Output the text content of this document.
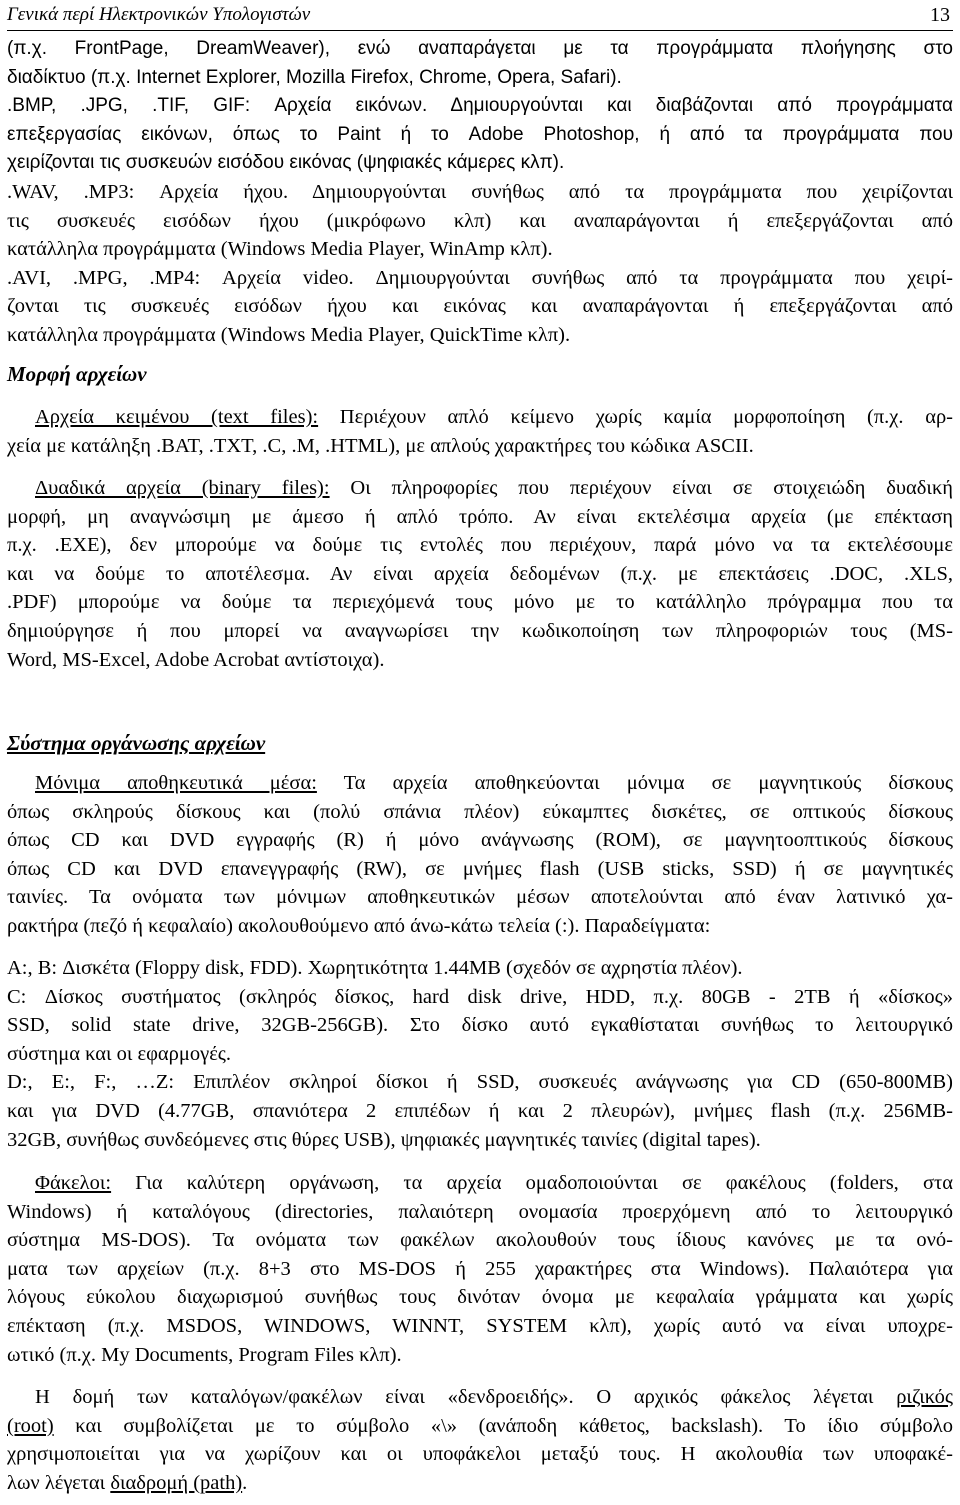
Γενικά περί Ηλεκτρονικών Υπολογιστών	13
(π.χ. FrontPage, DreamWeaver), ενώ αναπαράγεται με τα προγράμματα πλοήγησης στο
διαδίκτυο (π.χ. Internet Explorer, Mozilla Firefox, Chrome, Opera, Safari).
.BMP, .JPG, .TIF, GIF: Αρχεία εικόνων. Δημιουργούνται και διαβάζονται από προγράμματα
επεξεργασίας εικόνων, όπως το Paint ή το Adobe Photoshop, ή από τα προγράμματα που
χειρίζονται τις συσκευών εισόδου εικόνας (ψηφιακές κάμερες κλπ).
.WAV, .MP3: Αρχεία ήχου. Δημιουργούνται συνήθως από τα προγράμματα που χειρίζονται
τις συσκευές εισόδων ήχου (μικρόφωνο κλπ) και αναπαράγονται ή επεξεργάζονται από
κατάλληλα προγράμματα (Windows Media Player, WinAmp κλπ).
.AVI, .MPG, .MP4: Αρχεία video. Δημιουργούνται συνήθως από τα προγράμματα που χειρί-
ζονται τις συσκευές εισόδων ήχου και εικόνας και αναπαράγονται ή επεξεργάζονται από
κατάλληλα προγράμματα (Windows Media Player, QuickTime κλπ).
Μορφή αρχείων
Αρχεία κειμένου (text files): Περιέχουν απλό κείμενο χωρίς καμία μορφοποίηση (π.χ. αρ-
χεία με κατάληξη .BAT, .TXT, .C, .M, .HTML), με απλούς χαρακτήρες του κώδικα ASCII.
Δυαδικά αρχεία (binary files): Οι πληροφορίες που περιέχουν είναι σε στοιχειώδη δυαδική
μορφή, μη αναγνώσιμη με άμεσο ή απλό τρόπο. Αν είναι εκτελέσιμα αρχεία (με επέκταση
π.χ. .EXE), δεν μπορούμε να δούμε τις εντολές που περιέχουν, παρά μόνο να τα εκτελέσουμε
και να δούμε το αποτέλεσμα. Αν είναι αρχεία δεδομένων (π.χ. με επεκτάσεις .DOC, .XLS,
.PDF) μπορούμε να δούμε τα περιεχόμενά τους μόνο με το κατάλληλο πρόγραμμα που τα
δημιούργησε ή που μπορεί να αναγνωρίσει την κωδικοποίηση των πληροφοριών τους (MS-
Word, MS-Excel, Adobe Acrobat αντίστοιχα).
Σύστημα οργάνωσης αρχείων
Μόνιμα αποθηκευτικά μέσα: Τα αρχεία αποθηκεύονται μόνιμα σε μαγνητικούς δίσκους
όπως σκληρούς δίσκους και (πολύ σπάνια πλέον) εύκαμπτες δισκέτες, σε οπτικούς δίσκους
όπως CD και DVD εγγραφής (R) ή μόνο ανάγνωσης (ROM), σε μαγνητοοπτικούς δίσκους
όπως CD και DVD επανεγγραφής (RW), σε μνήμες flash (USB sticks, SSD) ή σε μαγνητικές
ταινίες. Τα ονόματα των μόνιμων αποθηκευτικών μέσων αποτελούνται από έναν λατινικό χα-
ρακτήρα (πεζό ή κεφαλαίο) ακολουθούμενο από άνω-κάτω τελεία (:). Παραδείγματα:
A:, B: Δισκέτα (Floppy disk, FDD). Χωρητικότητα 1.44MB (σχεδόν σε αχρηστία πλέον).
C: Δίσκος συστήματος (σκληρός δίσκος, hard disk drive, HDD, π.χ. 80GB - 2TB ή «δίσκος»
SSD, solid state drive, 32GB-256GB). Στο δίσκο αυτό εγκαθίσταται συνήθως το λειτουργικό
σύστημα και οι εφαρμογές.
D:, E:, F:, …Z: Επιπλέον σκληροί δίσκοι ή SSD, συσκευές ανάγνωσης για CD (650-800MB)
και για DVD (4.77GB, σπανιότερα 2 επιπέδων ή και 2 πλευρών), μνήμες flash (π.χ. 256MB-
32GB, συνήθως συνδεόμενες στις θύρες USB), ψηφιακές μαγνητικές ταινίες (digital tapes).
Φάκελοι: Για καλύτερη οργάνωση, τα αρχεία ομαδοποιούνται σε φακέλους (folders, στα
Windows) ή καταλόγους (directories, παλαιότερη ονομασία προερχόμενη από το λειτουργικό
σύστημα MS-DOS). Τα ονόματα των φακέλων ακολουθούν τους ίδιους κανόνες με τα ονό-
ματα των αρχείων (π.χ. 8+3 στο MS-DOS ή 255 χαρακτήρες στα Windows). Παλαιότερα για
λόγους εύκολου διαχωρισμού συνήθως τους δινόταν όνομα με κεφαλαία γράμματα και χωρίς
επέκταση (π.χ. MSDOS, WINDOWS, WINNT, SYSTEM κλπ), χωρίς αυτό να είναι υποχρε-
ωτικό (π.χ. My Documents, Program Files κλπ).
Η δομή των καταλόγων/φακέλων είναι «δενδροειδής». Ο αρχικός φάκελος λέγεται ριζικός
(root) και συμβολίζεται με το σύμβολο «\» (ανάποδη κάθετος, backslash). Το ίδιο σύμβολο
χρησιμοποιείται για να χωρίζουν και οι υποφάκελοι μεταξύ τους. Η ακολουθία των υποφακέ-
λων λέγεται διαδρομή (path).
